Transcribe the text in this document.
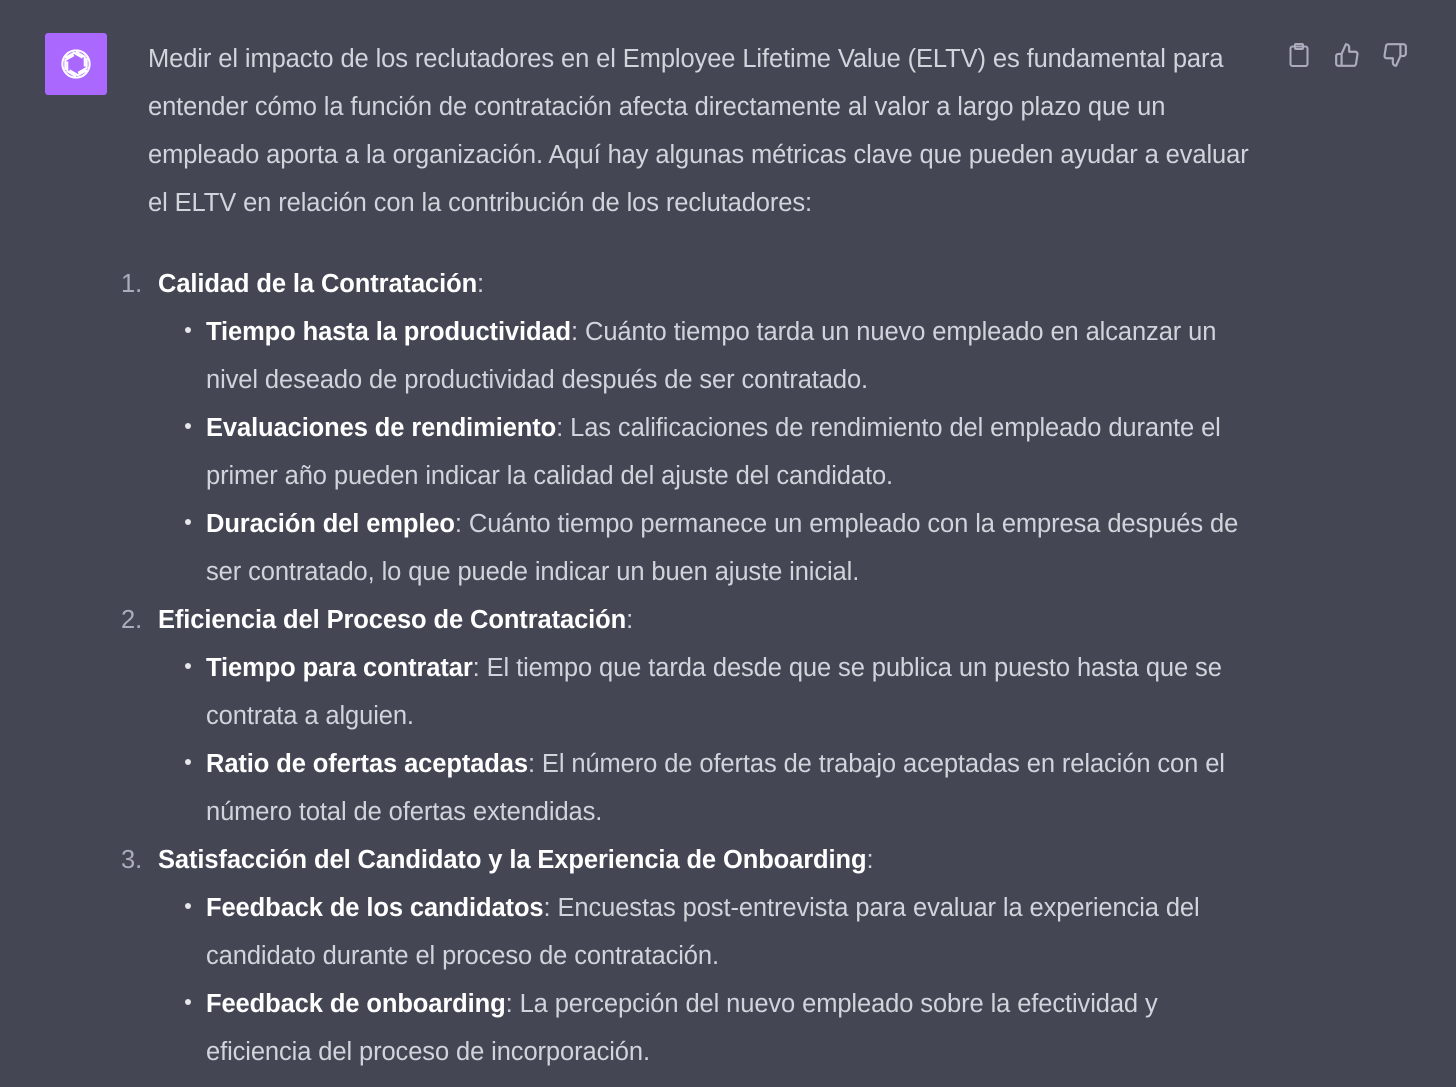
Medir el impacto de los reclutadores en el Employee Lifetime Value (ELTV) es fundamental para entender cómo la función de contratación afecta directamente al valor a largo plazo que un empleado aporta a la organización. Aquí hay algunas métricas clave que pueden ayudar a evaluar el ELTV en relación con la contribución de los reclutadores:

1. Calidad de la Contratación:
Tiempo hasta la productividad: Cuánto tiempo tarda un nuevo empleado en alcanzar un nivel deseado de productividad después de ser contratado.
Evaluaciones de rendimiento: Las calificaciones de rendimiento del empleado durante el primer año pueden indicar la calidad del ajuste del candidato.
Duración del empleo: Cuánto tiempo permanece un empleado con la empresa después de ser contratado, lo que puede indicar un buen ajuste inicial.
2. Eficiencia del Proceso de Contratación:
Tiempo para contratar: El tiempo que tarda desde que se publica un puesto hasta que se contrata a alguien.
Ratio de ofertas aceptadas: El número de ofertas de trabajo aceptadas en relación con el número total de ofertas extendidas.
3. Satisfacción del Candidato y la Experiencia de Onboarding:
Feedback de los candidatos: Encuestas post-entrevista para evaluar la experiencia del candidato durante el proceso de contratación.
Feedback de onboarding: La percepción del nuevo empleado sobre la efectividad y eficiencia del proceso de incorporación.
